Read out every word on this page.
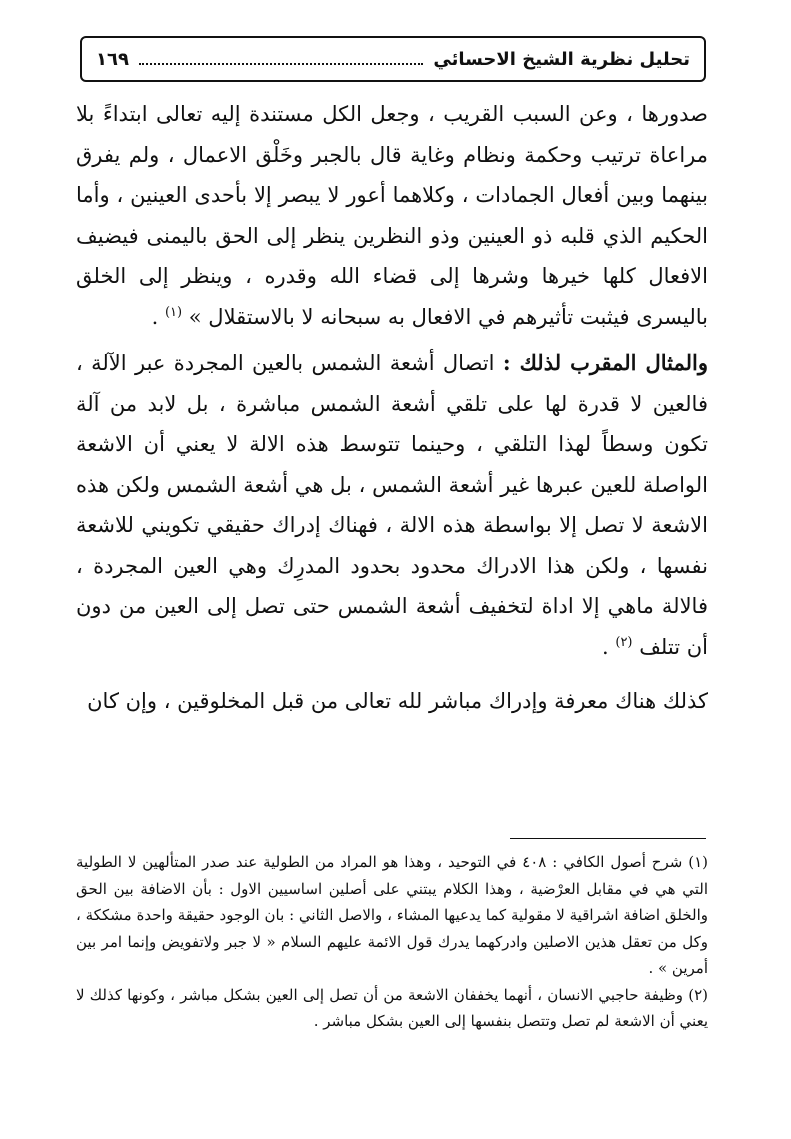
تحليل نظرية الشيخ الاحسائي
١٦٩

صدورها ، وعن السبب القريب ، وجعل الكل مستندة إليه تعالى ابتداءً بلا مراعاة ترتيب وحكمة ونظام وغاية قال بالجبر وخَلْق الاعمال ، ولم يفرق بينهما وبين أفعال الجمادات ، وكلاهما أعور لا يبصر إلا بأحدى العينين ، وأما الحكيم الذي قلبه ذو العينين وذو النظرين ينظر إلى الحق باليمنى فيضيف الافعال كلها خيرها وشرها إلى قضاء الله وقدره ، وينظر إلى الخلق باليسرى فيثبت تأثيرهم في الافعال به سبحانه لا بالاستقلال » $^{(١)}$ .

والمثال المقرب لذلك : اتصال أشعة الشمس بالعين المجردة عبر الآلة ، فالعين لا قدرة لها على تلقي أشعة الشمس مباشرة ، بل لابد من آلة تكون وسطاً لهذا التلقي ، وحينما تتوسط هذه الالة لا يعني أن الاشعة الواصلة للعين عبرها غير أشعة الشمس ، بل هي أشعة الشمس ولكن هذه الاشعة لا تصل إلا بواسطة هذه الالة ، فهناك إدراك حقيقي تكويني للاشعة نفسها ، ولكن هذا الادراك محدود بحدود المدرِك وهي العين المجردة ، فالالة ماهي إلا اداة لتخفيف أشعة الشمس حتى تصل إلى العين من دون أن تتلف $^{(٢)}$ .

كذلك هناك معرفة وإدراك مباشر لله تعالى من قبل المخلوقين ، وإن كان

(١) شرح أصول الكافي : ٤٠٨ في التوحيد ، وهذا هو المراد من الطولية عند صدر المتألهين لا الطولية التي هي في مقابل العرْضية ، وهذا الكلام يبتني على أصلين اساسيين الاول : بأن الاضافة بين الحق والخلق اضافة اشراقية لا مقولية كما يدعيها المشاء ، والاصل الثاني : بان الوجود حقيقة واحدة مشككة ، وكل من تعقل هذين الاصلين وادركهما يدرك قول الائمة عليهم السلام « لا جبر ولاتفويض وإنما امر بين أمرين » .

(٢) وظيفة حاجبي الانسان ، أنهما يخففان الاشعة من أن تصل إلى العين بشكل مباشر ، وكونها كذلك لا يعني أن الاشعة لم تصل وتتصل بنفسها إلى العين بشكل مباشر .
